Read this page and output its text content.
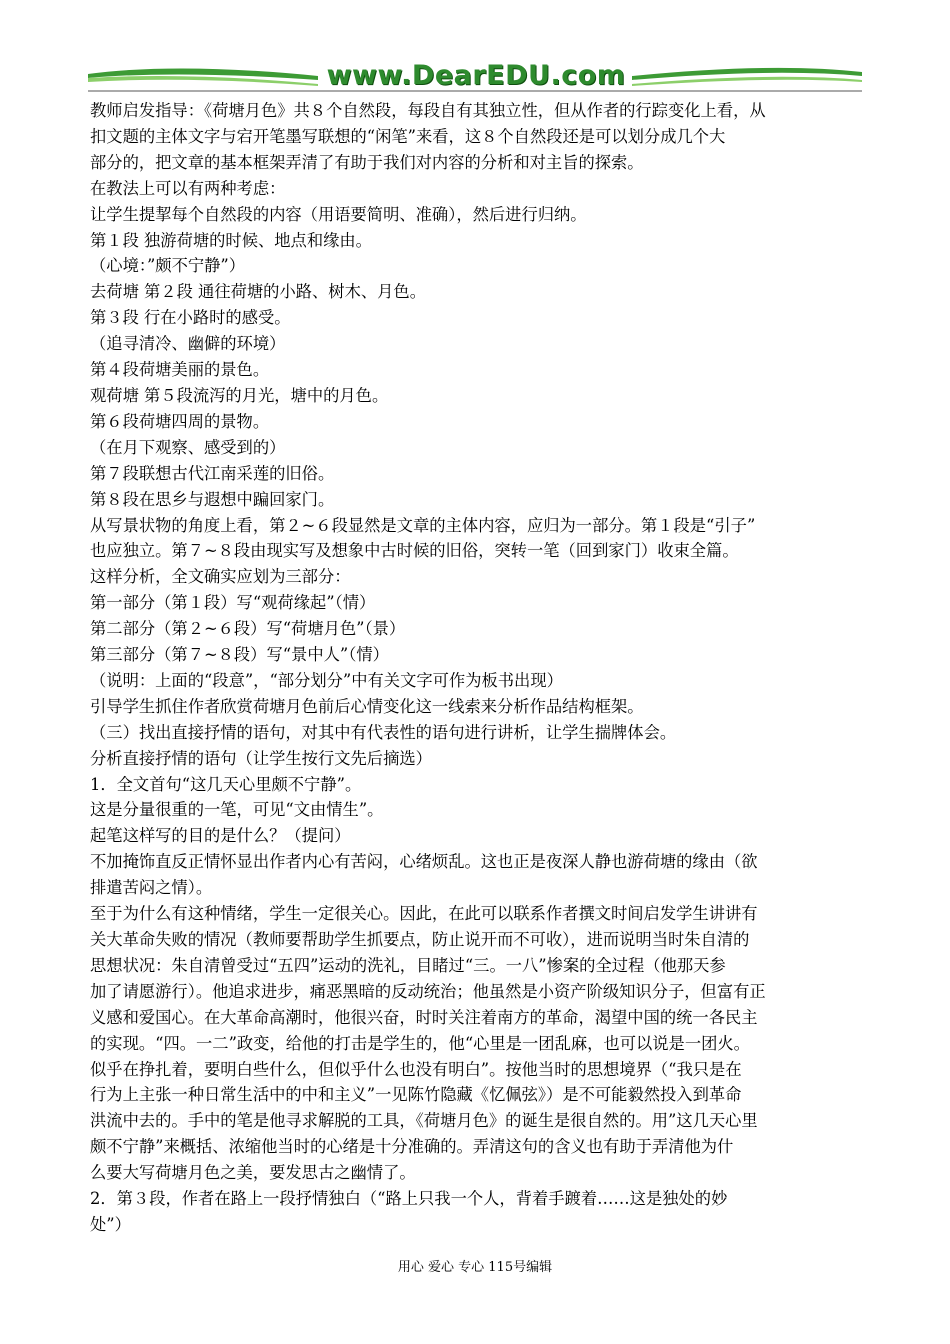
www.DearEDU.com

教师启发指导：《荷塘月色》共８个自然段，每段自有其独立性，但从作者的行踪变化上看，从

扣文题的主体文字与宕开笔墨写联想的“闲笔”来看，这８个自然段还是可以划分成几个大

部分的，把文章的基本框架弄清了有助于我们对内容的分析和对主旨的探索。

在教法上可以有两种考虑：

让学生提挈每个自然段的内容（用语要简明、准确），然后进行归纳。

第１段 独游荷塘的时候、地点和缘由。

（心境：”颇不宁静”）

去荷塘 第２段 通往荷塘的小路、树木、月色。

第３段 行在小路时的感受。

（追寻清冷、幽僻的环境）

第４段荷塘美丽的景色。

观荷塘 第５段流泻的月光，塘中的月色。

第６段荷塘四周的景物。

（在月下观察、感受到的）

第７段联想古代江南采莲的旧俗。

第８段在思乡与遐想中蹁回家门。

从写景状物的角度上看，第２~６段显然是文章的主体内容，应归为一部分。第１段是“引子”

也应独立。第７~８段由现实写及想象中古时候的旧俗，突转一笔（回到家门）收束全篇。

这样分析，全文确实应划为三部分：

第一部分（第１段）写“观荷缘起”（情）

第二部分（第２~６段）写“荷塘月色”（景）

第三部分（第７~８段）写“景中人”（情）

（说明：上面的“段意”，“部分划分”中有关文字可作为板书出现）

引导学生抓住作者欣赏荷塘月色前后心情变化这一线索来分析作品结构框架。

（三）找出直接抒情的语句，对其中有代表性的语句进行讲析，让学生揣牌体会。

分析直接抒情的语句（让学生按行文先后摘选）

1．全文首句“这几天心里颇不宁静”。

这是分量很重的一笔，可见“文由情生”。

起笔这样写的目的是什么？（提问）

不加掩饰直反正情怀显出作者内心有苦闷，心绪烦乱。这也正是夜深人静也游荷塘的缘由（欲

排遣苦闷之情）。

至于为什么有这种情绪，学生一定很关心。因此，在此可以联系作者撰文时间启发学生讲讲有

关大革命失败的情况（教师要帮助学生抓要点，防止说开而不可收），进而说明当时朱自清的

思想状况：朱自清曾受过“五四”运动的洗礼，目睹过“三。一八”惨案的全过程（他那天参

加了请愿游行）。他追求进步，痛恶黑暗的反动统治；他虽然是小资产阶级知识分子，但富有正

义感和爱国心。在大革命高潮时，他很兴奋，时时关注着南方的革命，渴望中国的统一各民主

的实现。“四。一二”政变，给他的打击是学生的，他“心里是一团乱麻，也可以说是一团火。

似乎在挣扎着，要明白些什么，但似乎什么也没有明白”。按他当时的思想境界（“我只是在

行为上主张一种日常生活中的中和主义”一见陈竹隐藏《忆佩弦》）是不可能毅然投入到革命

洪流中去的。手中的笔是他寻求解脱的工具，《荷塘月色》的诞生是很自然的。用”这几天心里

颇不宁静”来概括、浓缩他当时的心绪是十分准确的。弄清这句的含义也有助于弄清他为什

么要大写荷塘月色之美，要发思古之幽情了。

2．第３段，作者在路上一段抒情独白（“路上只我一个人，背着手踱着……这是独处的妙

处”）

用心 爱心 专心 115号编辑
